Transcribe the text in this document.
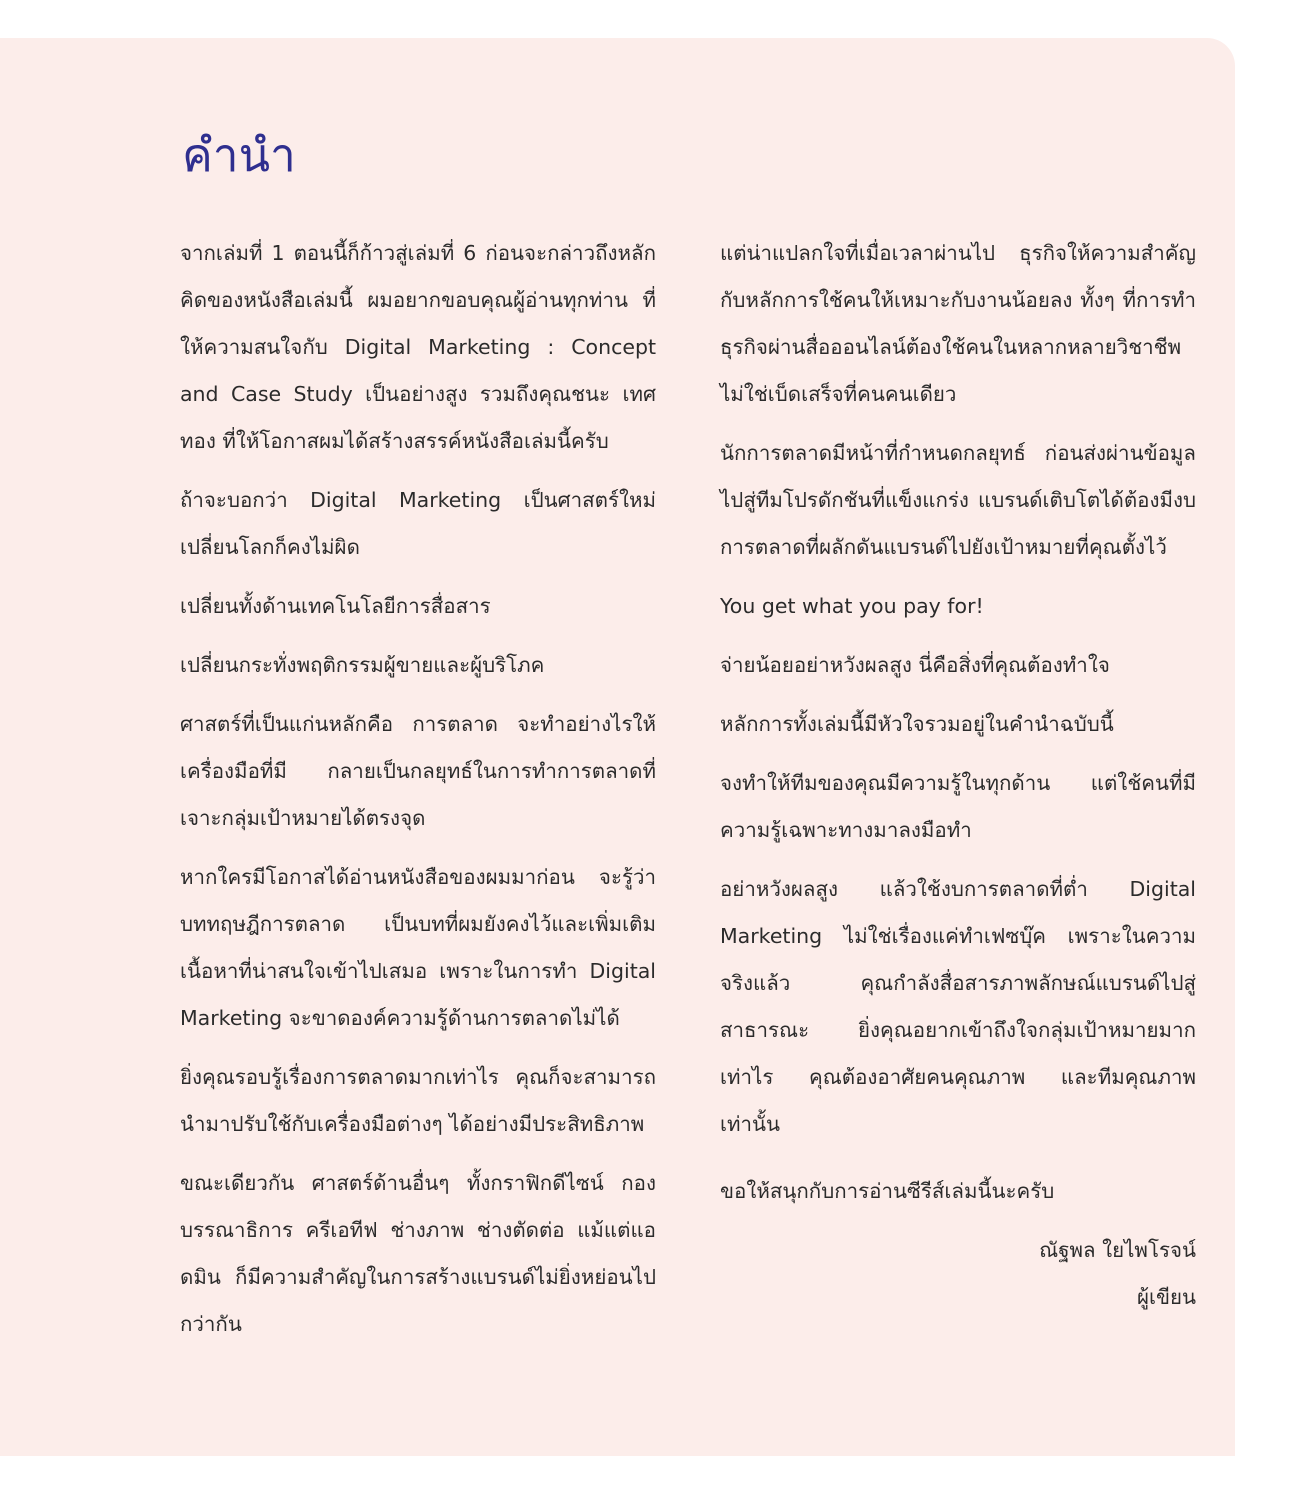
คำนำ

จากเล่มที่ 1 ตอนนี้ก็ก้าวสู่เล่มที่ 6 ก่อนจะกล่าวถึงหลักคิดของหนังสือเล่มนี้ ผมอยากขอบคุณผู้อ่านทุกท่าน ที่ให้ความสนใจกับ Digital Marketing : Concept and Case Study เป็นอย่างสูง รวมถึงคุณชนะ เทศทอง ที่ให้โอกาสผมได้สร้างสรรค์หนังสือเล่มนี้ครับ

ถ้าจะบอกว่า Digital Marketing เป็นศาสตร์ใหม่ เปลี่ยนโลกก็คงไม่ผิด

เปลี่ยนทั้งด้านเทคโนโลยีการสื่อสาร

เปลี่ยนกระทั่งพฤติกรรมผู้ขายและผู้บริโภค

ศาสตร์ที่เป็นแก่นหลักคือ การตลาด จะทำอย่างไรให้เครื่องมือที่มี กลายเป็นกลยุทธ์ในการทำการตลาดที่เจาะกลุ่มเป้าหมายได้ตรงจุด

หากใครมีโอกาสได้อ่านหนังสือของผมมาก่อน จะรู้ว่า บททฤษฎีการตลาด เป็นบทที่ผมยังคงไว้และเพิ่มเติมเนื้อหาที่น่าสนใจเข้าไปเสมอ เพราะในการทำ Digital Marketing จะขาดองค์ความรู้ด้านการตลาดไม่ได้

ยิ่งคุณรอบรู้เรื่องการตลาดมากเท่าไร คุณก็จะสามารถนำมาปรับใช้กับเครื่องมือต่างๆ ได้อย่างมีประสิทธิภาพ

ขณะเดียวกัน ศาสตร์ด้านอื่นๆ ทั้งกราฟิกดีไซน์ กองบรรณาธิการ ครีเอทีฟ ช่างภาพ ช่างตัดต่อ แม้แต่แอดมิน ก็มีความสำคัญในการสร้างแบรนด์ไม่ยิ่งหย่อนไปกว่ากัน

แต่น่าแปลกใจที่เมื่อเวลาผ่านไป ธุรกิจให้ความสำคัญกับหลักการใช้คนให้เหมาะกับงานน้อยลง ทั้งๆ ที่การทำธุรกิจผ่านสื่อออนไลน์ต้องใช้คนในหลากหลายวิชาชีพ ไม่ใช่เบ็ดเสร็จที่คนคนเดียว

นักการตลาดมีหน้าที่กำหนดกลยุทธ์ ก่อนส่งผ่านข้อมูลไปสู่ทีมโปรดักชันที่แข็งแกร่ง แบรนด์เติบโตได้ต้องมีงบการตลาดที่ผลักดันแบรนด์ไปยังเป้าหมายที่คุณตั้งไว้

You get what you pay for!

จ่ายน้อยอย่าหวังผลสูง นี่คือสิ่งที่คุณต้องทำใจ

หลักการทั้งเล่มนี้มีหัวใจรวมอยู่ในคำนำฉบับนี้

จงทำให้ทีมของคุณมีความรู้ในทุกด้าน แต่ใช้คนที่มีความรู้เฉพาะทางมาลงมือทำ

อย่าหวังผลสูง แล้วใช้งบการตลาดที่ต่ำ Digital Marketing ไม่ใช่เรื่องแค่ทำเฟซบุ๊ค เพราะในความจริงแล้ว คุณกำลังสื่อสารภาพลักษณ์แบรนด์ไปสู่สาธารณะ ยิ่งคุณอยากเข้าถึงใจกลุ่มเป้าหมายมากเท่าไร คุณต้องอาศัยคนคุณภาพ และทีมคุณภาพเท่านั้น

ขอให้สนุกกับการอ่านซีรีส์เล่มนี้นะครับ

ณัฐพล ใยไพโรจน์
ผู้เขียน
